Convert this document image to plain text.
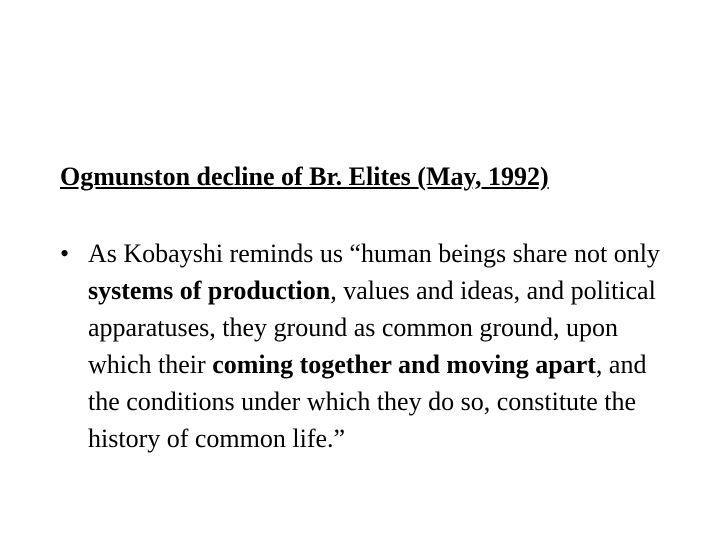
Ogmunston decline of Br. Elites (May, 1992)

• As Kobayshi reminds us “human beings share not only systems of production, values and ideas, and political apparatuses, they ground as common ground, upon which their coming together and moving apart, and the conditions under which they do so, constitute the history of common life.”
